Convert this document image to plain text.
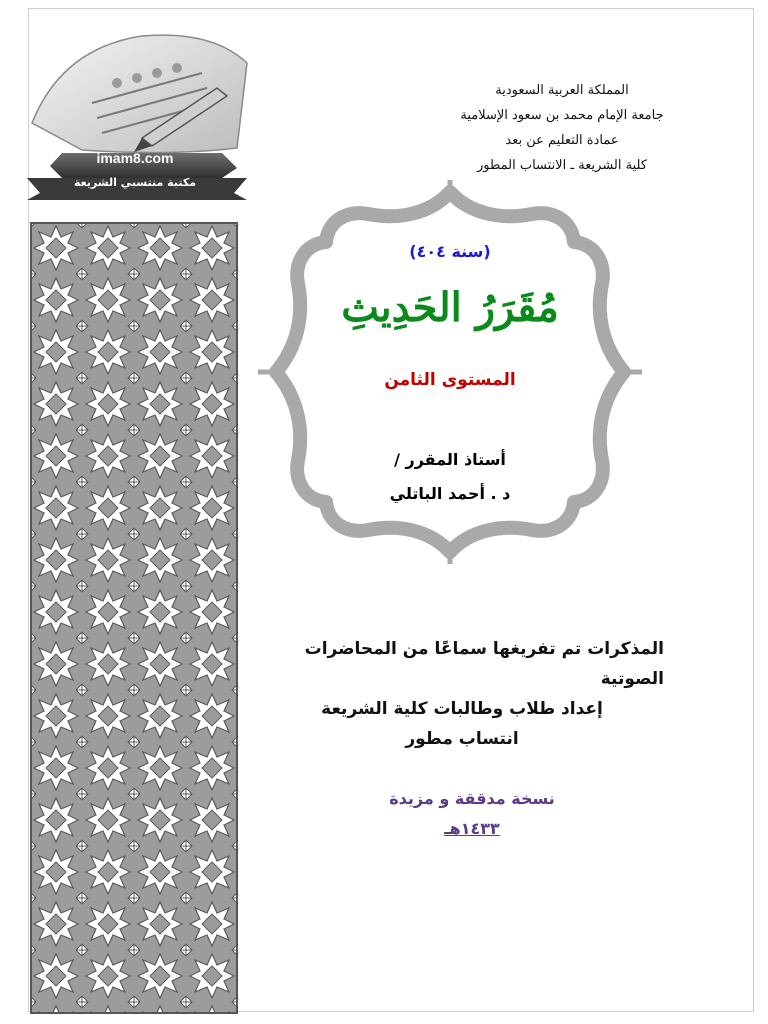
imam8.com
مكتبة منتسبي الشريعة
المملكة العربية السعودية
جامعة الإمام محمد بن سعود الإسلامية
عمادة التعليم عن بعد
كلية الشريعة ـ الانتساب المطور
(سنة ٤٠٤)
مُقَرَرُ الحَدِيثِ
المستوى الثامن
أستاذ المقرر /
د . أحمد الباتلي
المذكرات تم تفريغها سماعًا من المحاضرات الصوتية
إعداد طلاب وطالبات كلية الشريعة
انتساب مطور
نسخة مدققة و مزيدة
١٤٣٣هـ
